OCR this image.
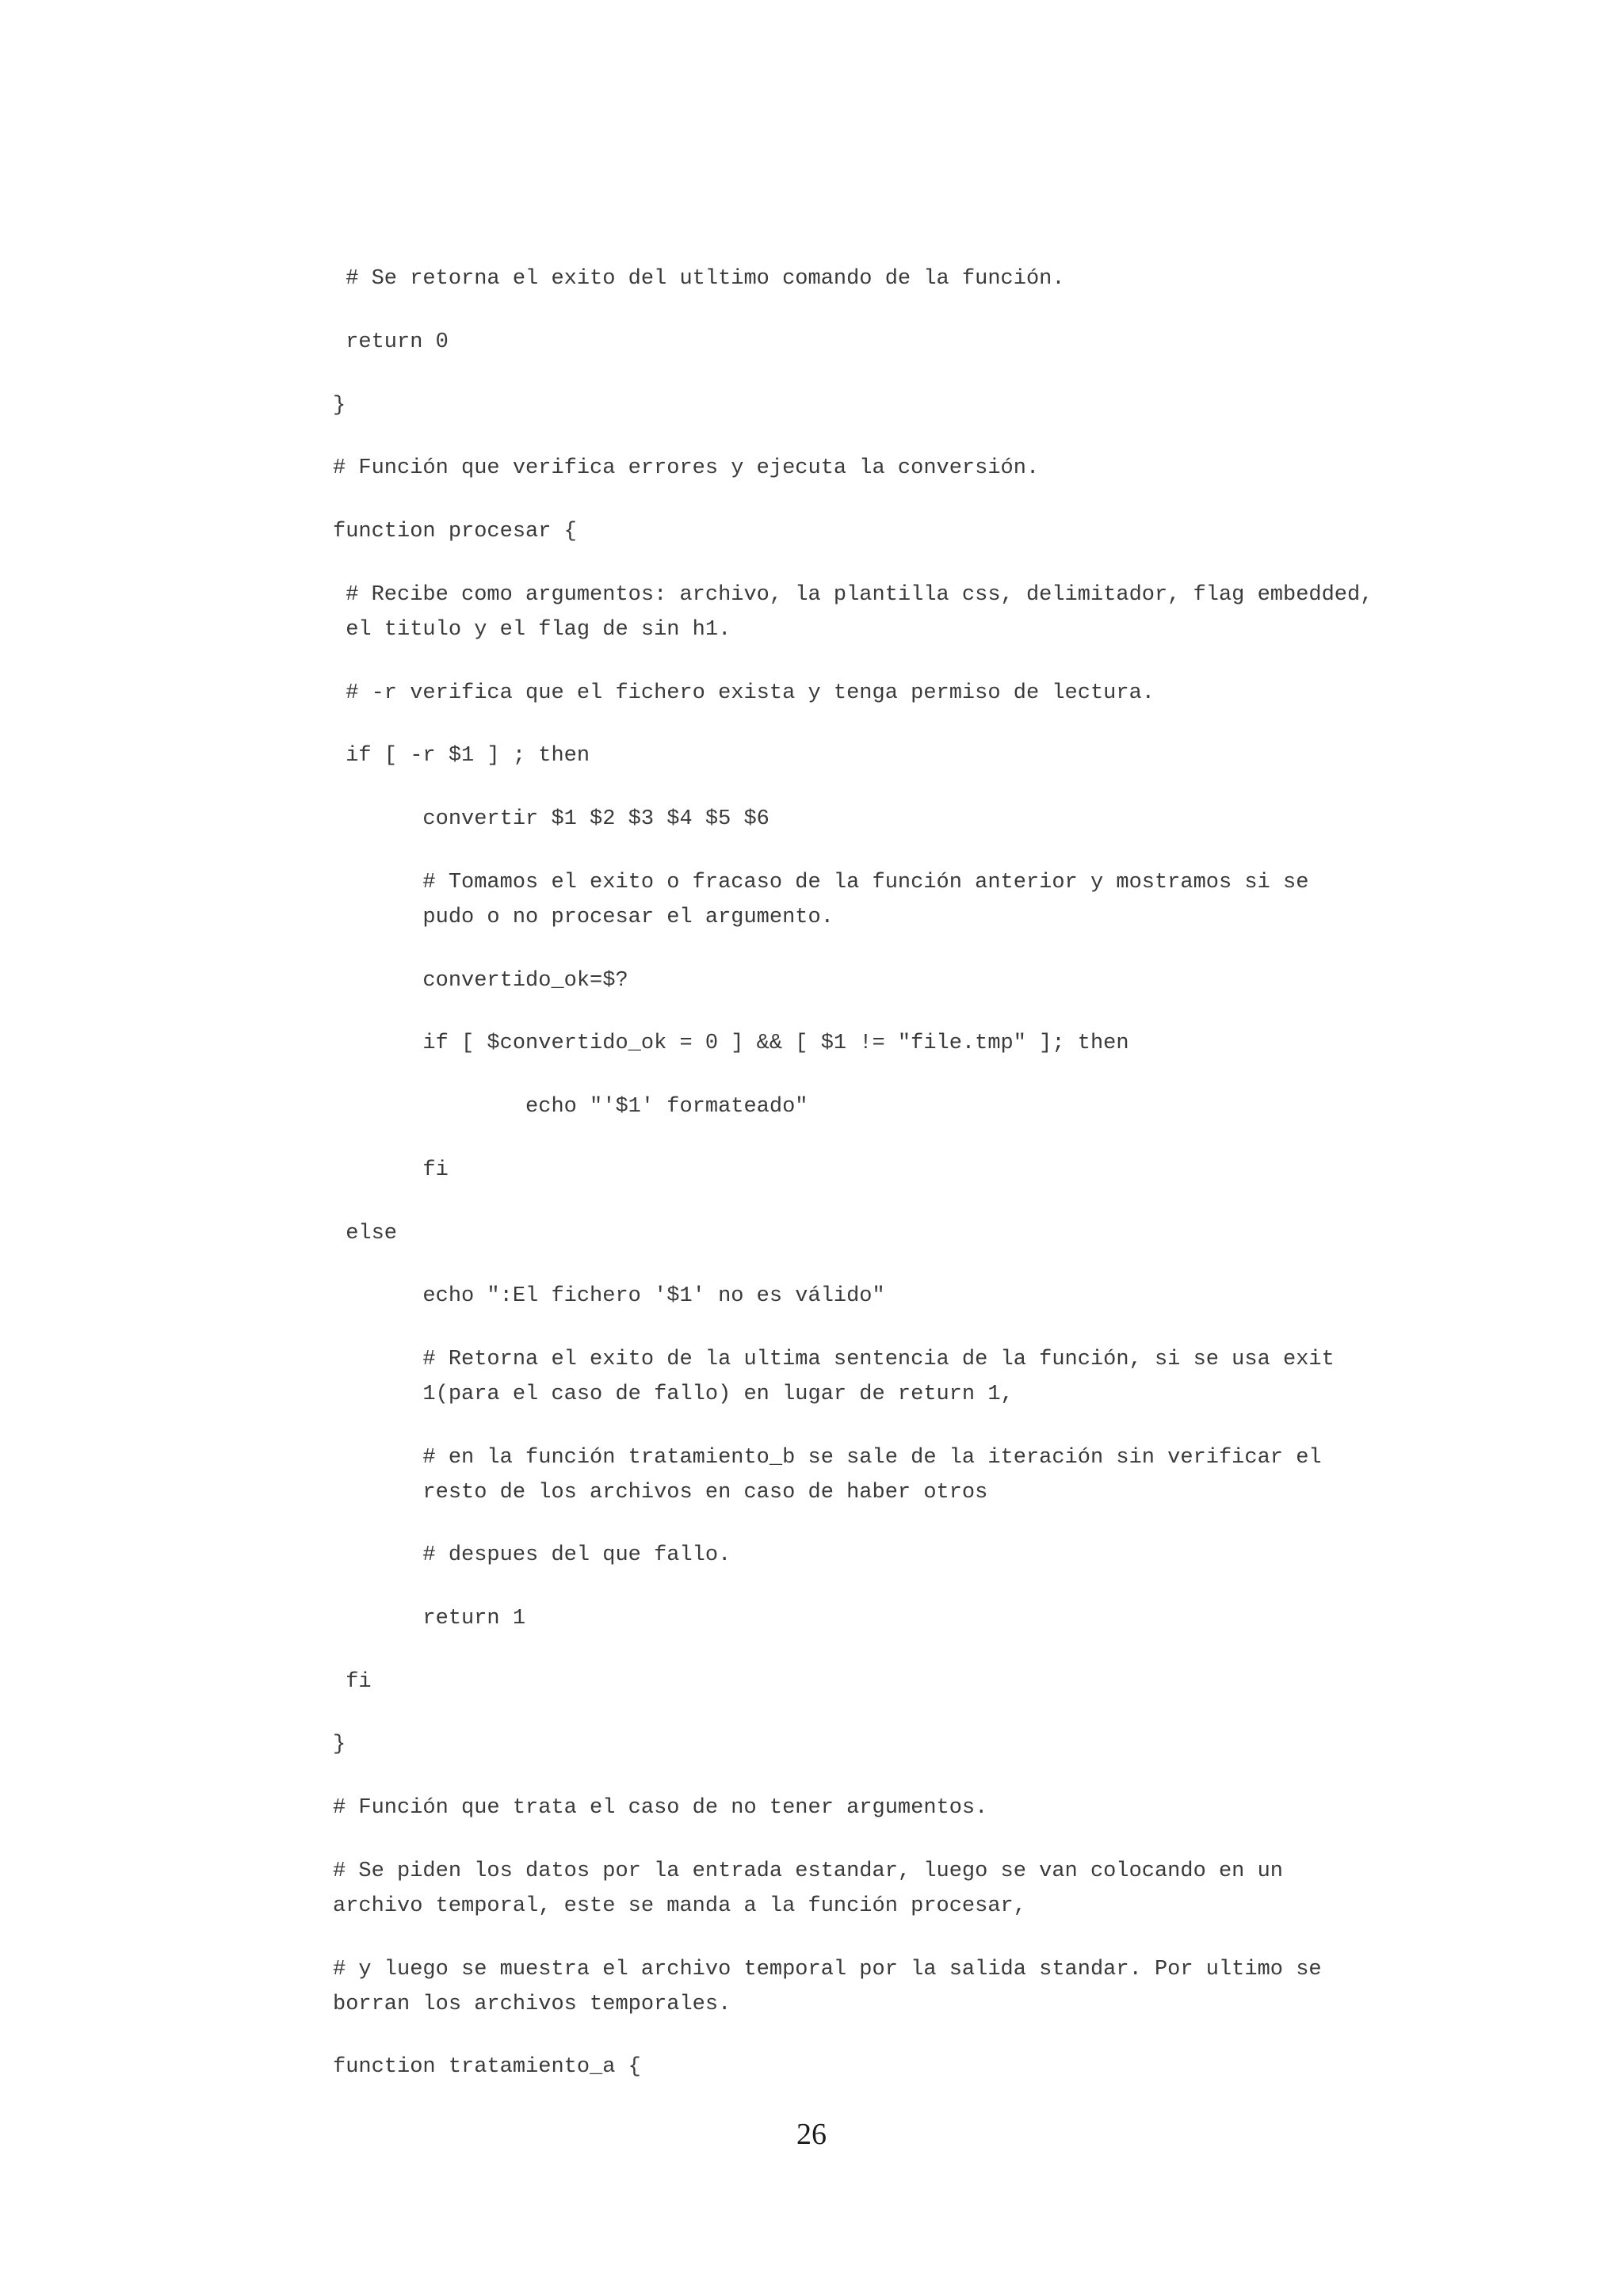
# Se retorna el exito del utltimo comando de la función.
return 0
}
# Función que verifica errores y ejecuta la conversión.
function procesar {
# Recibe como argumentos: archivo, la plantilla css, delimitador, flag embedded,
el titulo y el flag de sin h1.
# -r verifica que el fichero exista y tenga permiso de lectura.
if [ -r $1 ] ; then
convertir $1 $2 $3 $4 $5 $6
# Tomamos el exito o fracaso de la función anterior y mostramos si se
pudo o no procesar el argumento.
convertido_ok=$?
if [ $convertido_ok = 0 ] && [ $1 != "file.tmp" ]; then
echo "'$1' formateado"
fi
else
echo ":El fichero '$1' no es válido"
# Retorna el exito de la ultima sentencia de la función, si se usa exit
1(para el caso de fallo) en lugar de return 1,
# en la función tratamiento_b se sale de la iteración sin verificar el
resto de los archivos en caso de haber otros
# despues del que fallo.
return 1
fi
}
# Función que trata el caso de no tener argumentos.
# Se piden los datos por la entrada estandar, luego se van colocando en un
archivo temporal, este se manda a la función procesar,
# y luego se muestra el archivo temporal por la salida standar. Por ultimo se
borran los archivos temporales.
function tratamiento_a {
26
